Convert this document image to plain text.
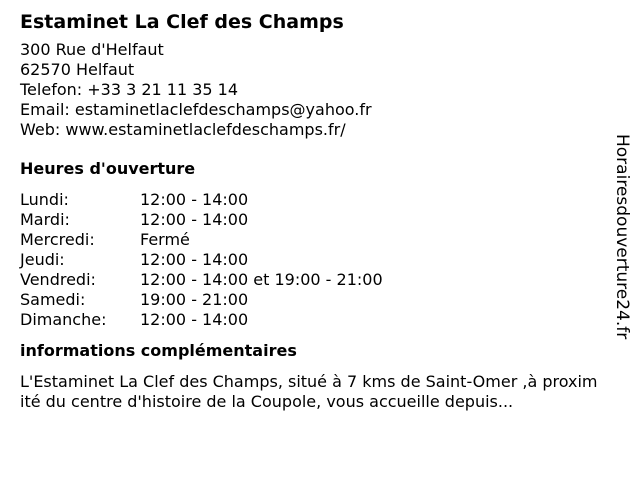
Estaminet La Clef des Champs
300 Rue d'Helfaut
62570 Helfaut
Telefon: +33 3 21 11 35 14
Email: estaminetlaclefdeschamps@yahoo.fr
Web: www.estaminetlaclefdeschamps.fr/
Heures d'ouverture
Lundi:	12:00 - 14:00
Mardi:	12:00 - 14:00
Mercredi:	Fermé
Jeudi:	12:00 - 14:00
Vendredi:	12:00 - 14:00 et 19:00 - 21:00
Samedi:	19:00 - 21:00
Dimanche:	12:00 - 14:00
informations complémentaires
L'Estaminet La Clef des Champs, situé à 7 kms de Saint-Omer ,à proximité du centre d'histoire de la Coupole, vous accueille depuis...
Horairesdouverture24.fr
